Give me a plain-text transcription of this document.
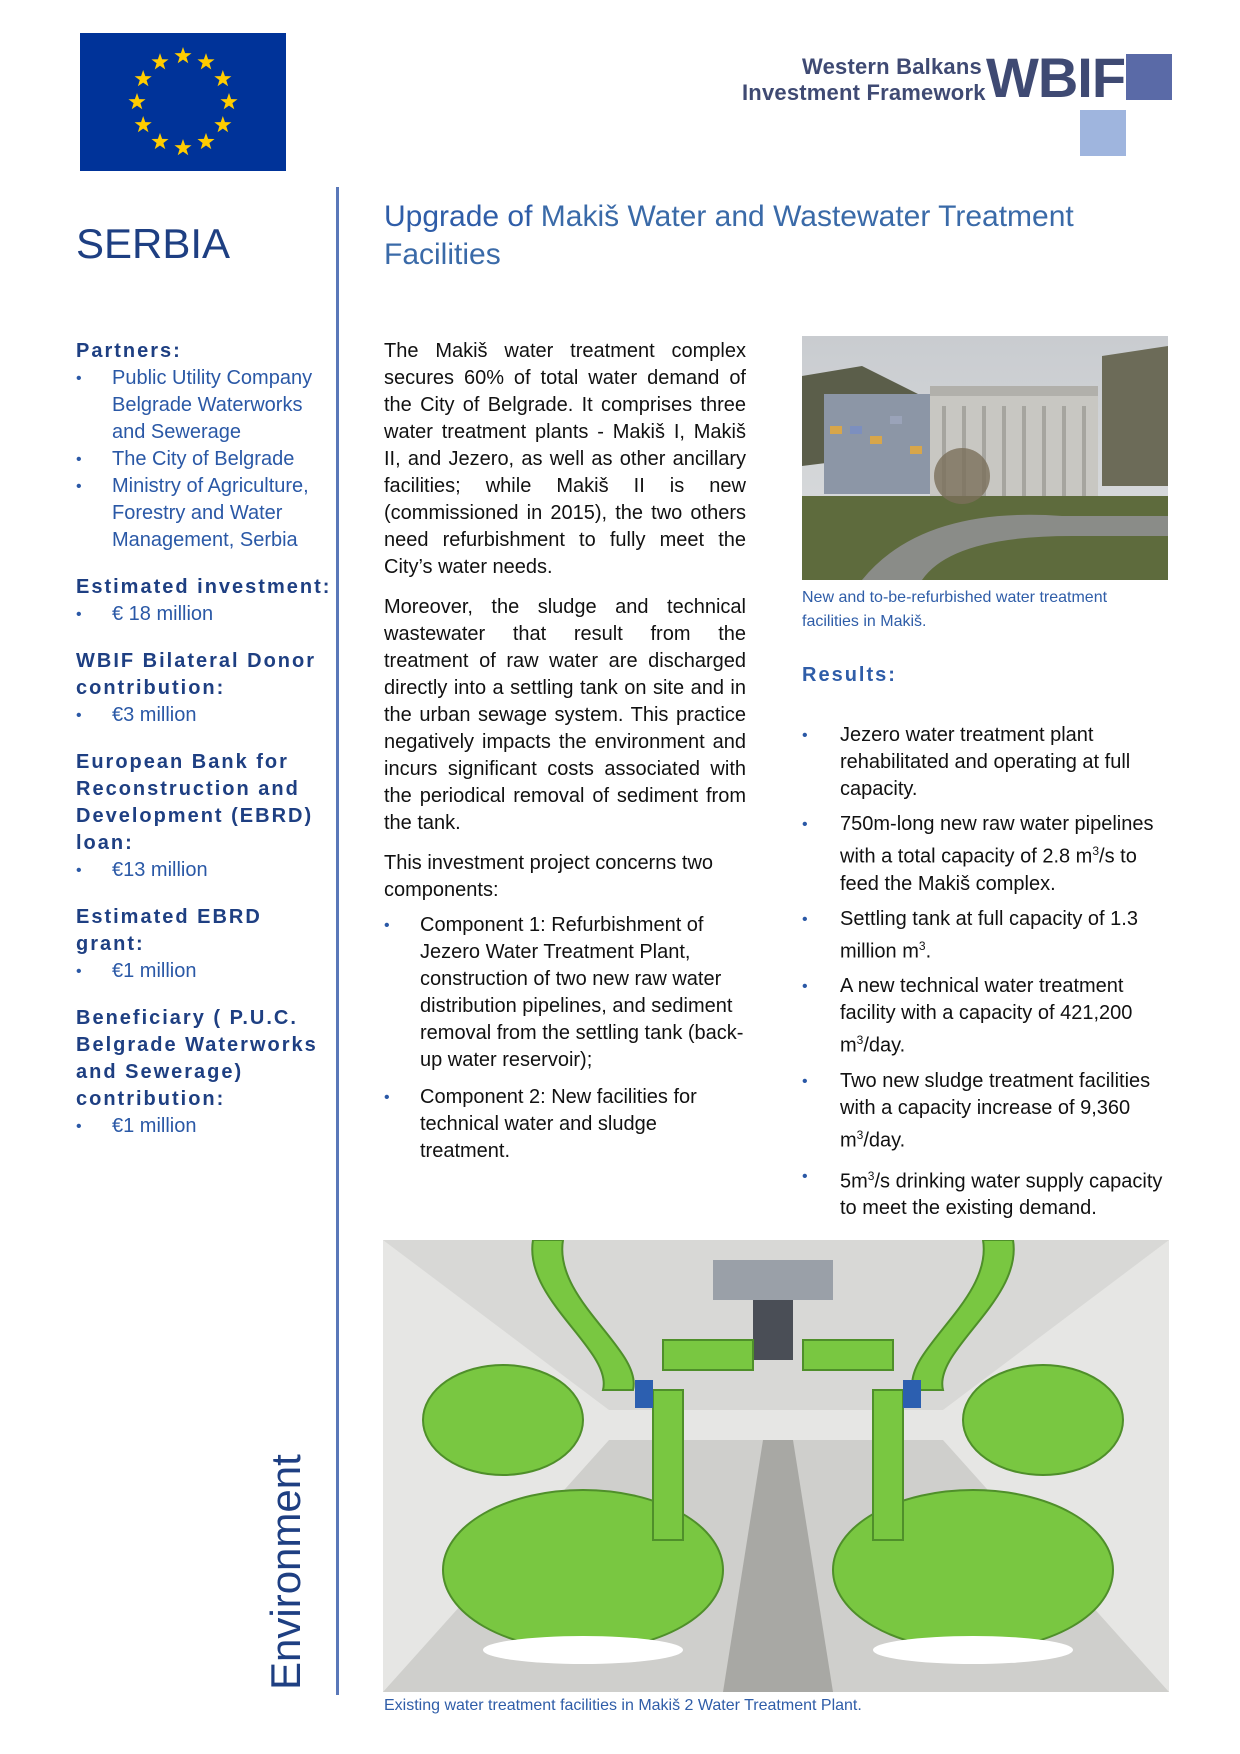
Western Balkans
Investment Framework WBIF
SERBIA
Upgrade of Makiš Water and Wastewater Treatment Facilities
Partners:
• Public Utility Company Belgrade Waterworks and Sewerage
• The City of Belgrade
• Ministry of Agriculture, Forestry and Water Management, Serbia
Estimated investment:
• € 18 million
WBIF Bilateral Donor contribution:
• €3 million
European Bank for Reconstruction and Development (EBRD) loan:
• €13 million
Estimated EBRD grant:
• €1 million
Beneficiary ( P.U.C. Belgrade Waterworks and Sewerage) contribution:
• €1 million

The Makiš water treatment complex secures 60% of total water demand of the City of Belgrade. It comprises three water treatment plants - Makiš I, Makiš II, and Jezero, as well as other ancillary facilities; while Makiš II is new (commissioned in 2015), the two others need refurbishment to fully meet the City’s water needs.

Moreover, the sludge and technical wastewater that result from the treatment of raw water are discharged directly into a settling tank on site and in the urban sewage system. This practice negatively impacts the environment and incurs significant costs associated with the periodical removal of sediment from the tank.

This investment project concerns two components:

• Component 1: Refurbishment of Jezero Water Treatment Plant, construction of two new raw water distribution pipelines, and sediment removal from the settling tank (back-up water reservoir);
• Component 2: New facilities for technical water and sludge treatment.
New and to-be-refurbished water treatment facilities in Makiš.
Results:
• Jezero water treatment plant rehabilitated and operating at full capacity.
• 750m-long new raw water pipelines with a total capacity of 2.8 $m^3/s$ to feed the Makiš complex.
• Settling tank at full capacity of 1.3 million $m^3$.
• A new technical water treatment facility with a capacity of 421,200 $m^3$/day.
• Two new sludge treatment facilities with a capacity increase of 9,360 $m^3$/day.
• $5m^3/s$ drinking water supply capacity to meet the existing demand.
Existing water treatment facilities in Makiš 2 Water Treatment Plant.
Environment
